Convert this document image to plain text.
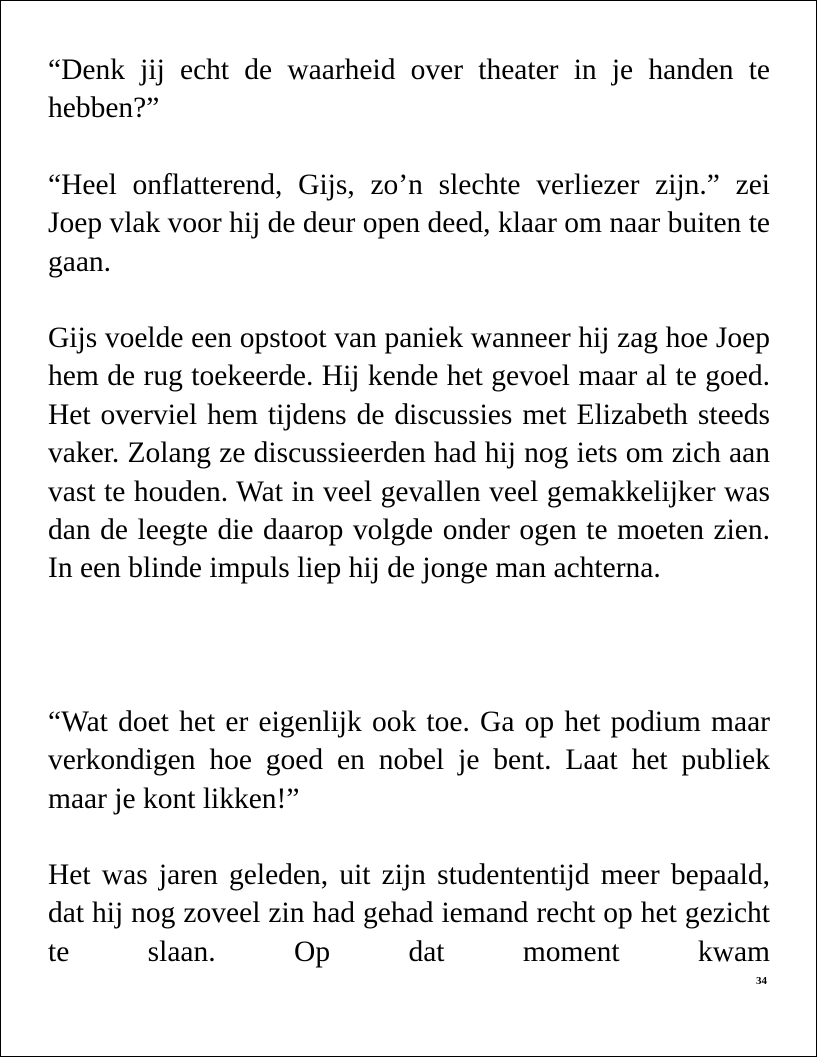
“Denk jij echt de waarheid over theater in je handen te hebben?”

“Heel onflatterend, Gijs, zo’n slechte verliezer zijn.” zei Joep vlak voor hij de deur open deed, klaar om naar buiten te gaan.

Gijs voelde een opstoot van paniek wanneer hij zag hoe Joep hem de rug toekeerde. Hij kende het gevoel maar al te goed. Het overviel hem tijdens de discussies met Elizabeth steeds vaker. Zolang ze discussieerden had hij nog iets om zich aan vast te houden. Wat in veel gevallen veel gemakkelijker was dan de leegte die daarop volgde onder ogen te moeten zien. In een blinde impuls liep hij de jonge man achterna.

“Wat doet het er eigenlijk ook toe. Ga op het podium maar verkondigen hoe goed en nobel je bent. Laat het publiek maar je kont likken!”

Het was jaren geleden, uit zijn studententijd meer bepaald, dat hij nog zoveel zin had gehad iemand recht op het gezicht te slaan. Op dat moment kwam

34
